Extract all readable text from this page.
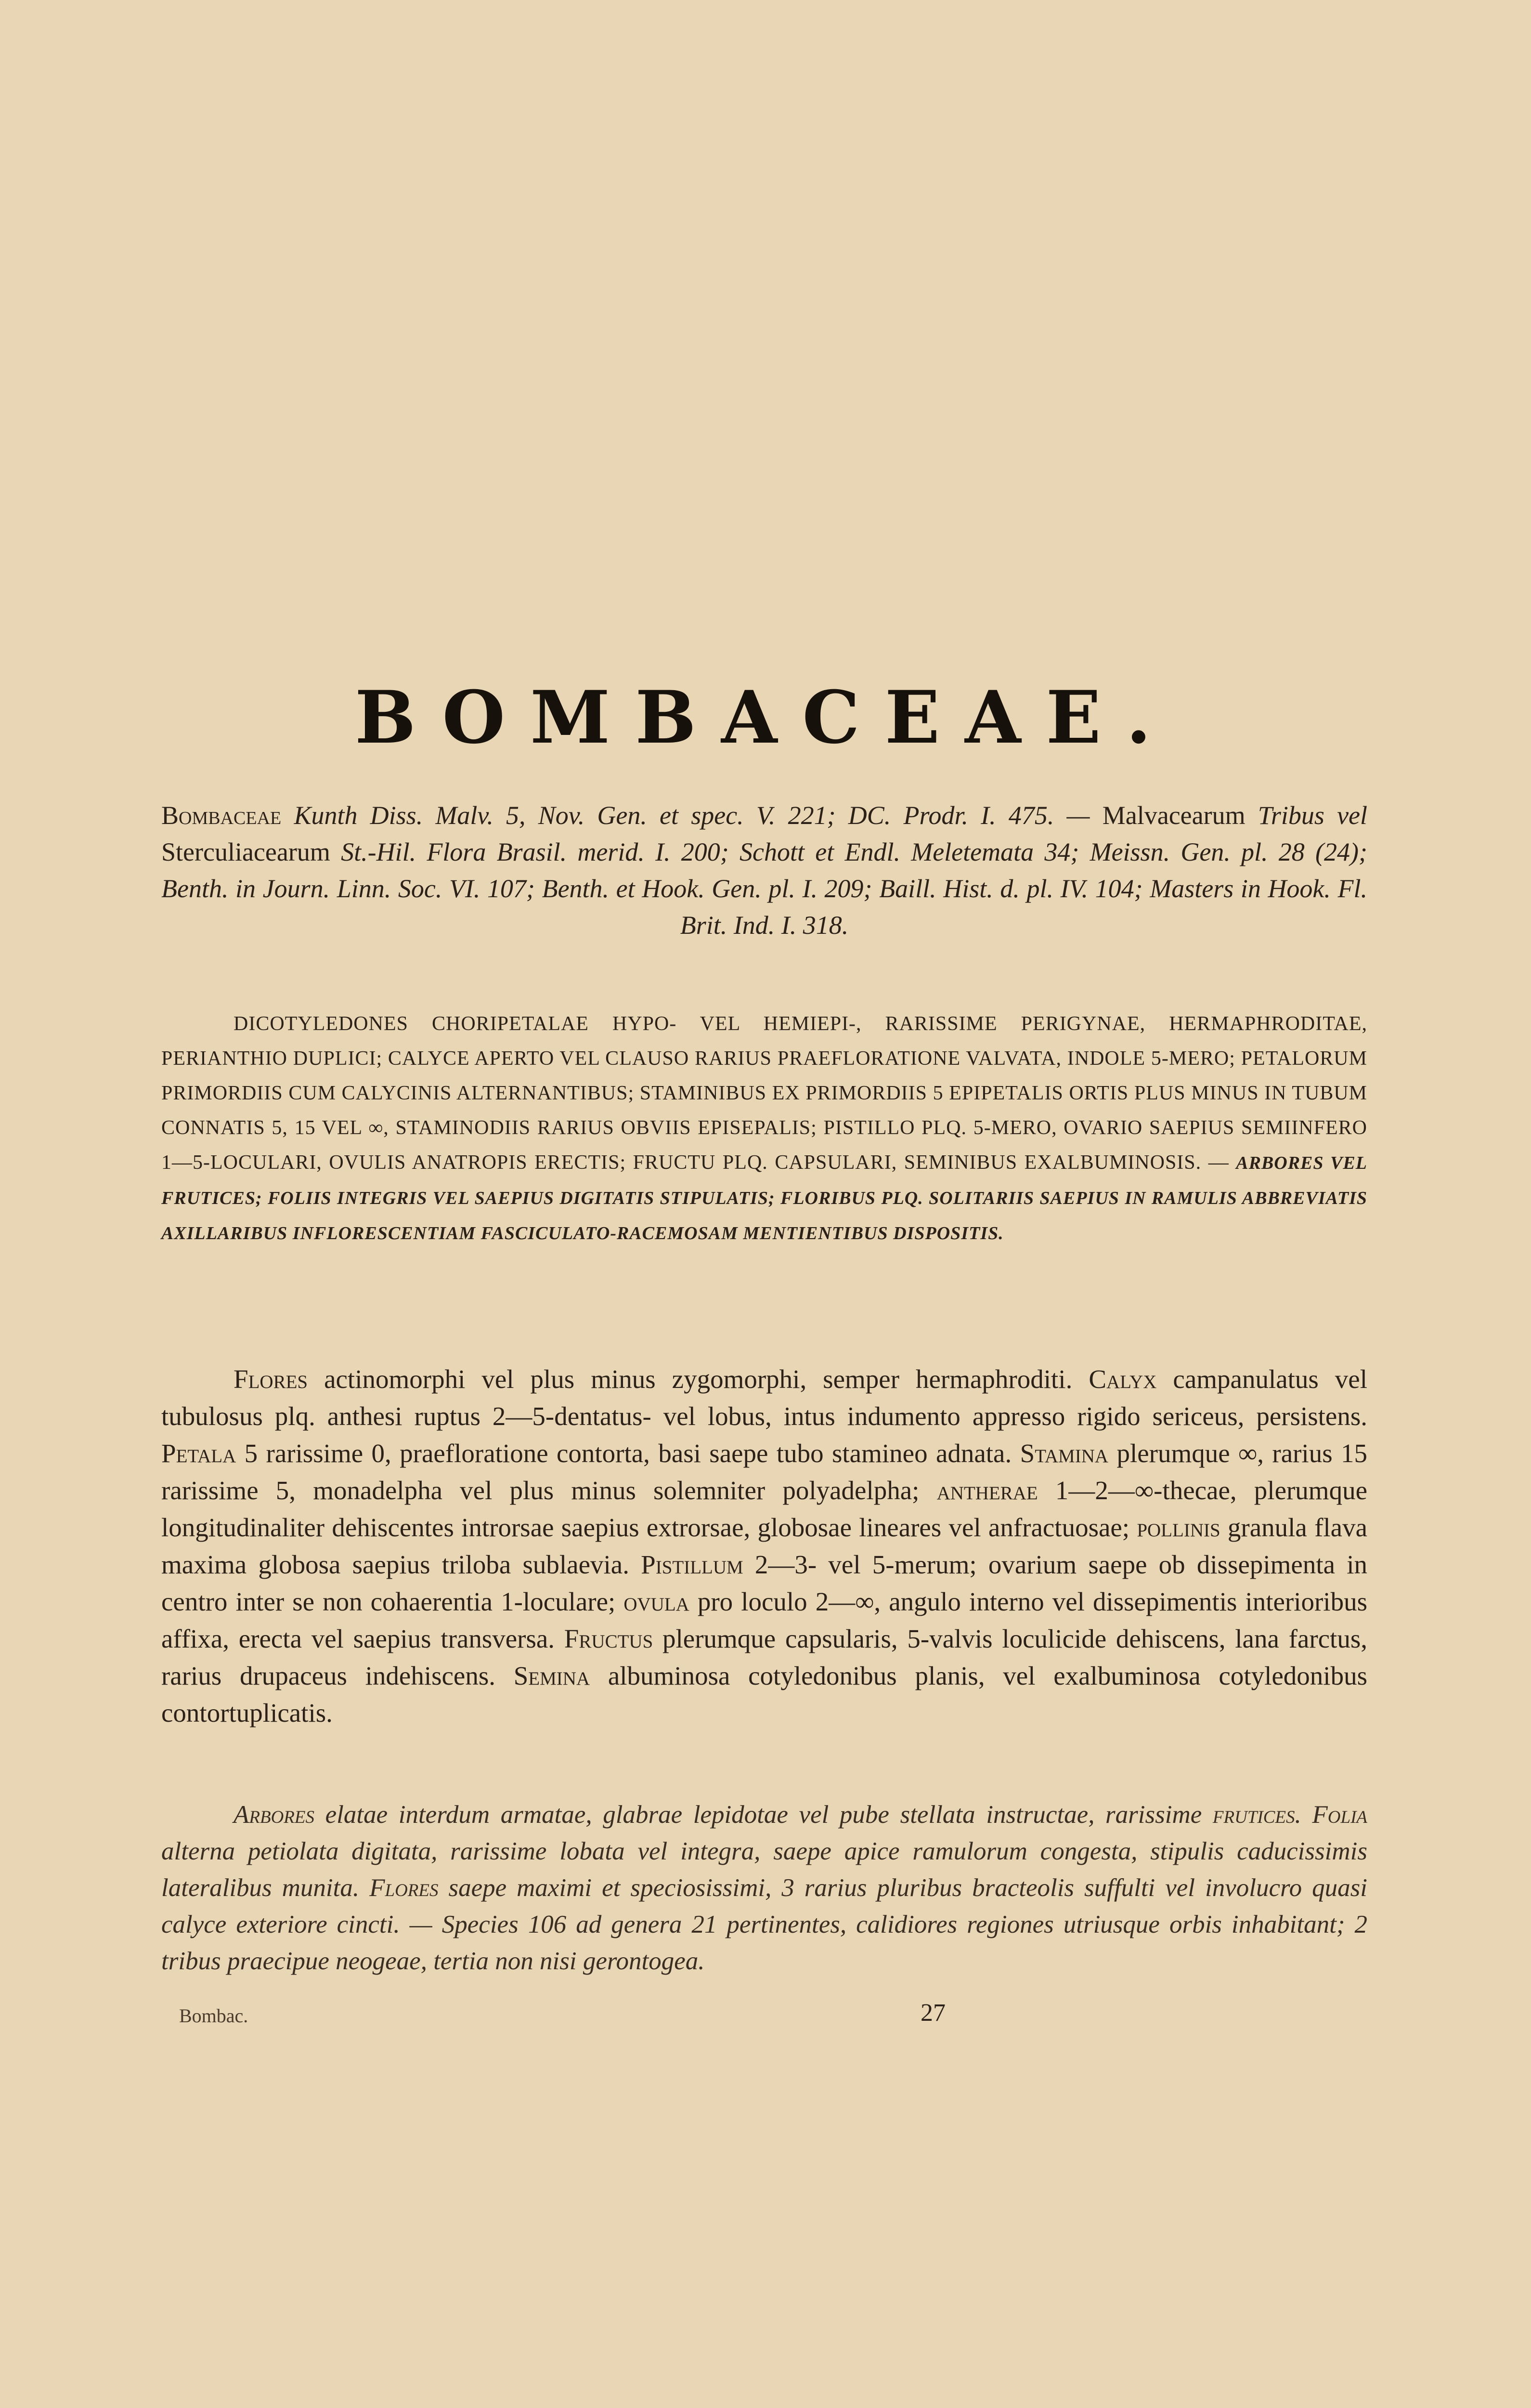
BOMBACEAE.
Bombaceae Kunth Diss. Malv. 5, Nov. Gen. et spec. V. 221; DC. Prodr. I. 475. — Malvacearum Tribus vel Sterculiacearum St.-Hil. Flora Brasil. merid. I. 200; Schott et Endl. Meletemata 34; Meissn. Gen. pl. 28 (24); Benth. in Journ. Linn. Soc. VI. 107; Benth. et Hook. Gen. pl. I. 209; Baill. Hist. d. pl. IV. 104; Masters in Hook. Fl. Brit. Ind. I. 318.

DICOTYLEDONES CHORIPETALAE HYPO- VEL HEMIEPI-, RARISSIME PERIGYNAE, HERMAPHRODITAE, PERIANTHIO DUPLICI; CALYCE APERTO VEL CLAUSO RARIUS PRAEFLORATIONE VALVATA, INDOLE 5-MERO; PETALORUM PRIMORDIIS CUM CALYCINIS ALTERNANTIBUS; STAMINIBUS EX PRIMORDIIS 5 EPIPETALIS ORTIS PLUS MINUS IN TUBUM CONNATIS 5, 15 VEL ∞, STAMINODIIS RARIUS OBVIIS EPISEPALIS; PISTILLO PLQ. 5-MERO, OVARIO SAEPIUS SEMIINFERO 1—5-LOCULARI, OVULIS ANATROPIS ERECTIS; FRUCTU PLQ. CAPSULARI, SEMINIBUS EXALBUMINOSIS. — ARBORES VEL FRUTICES; FOLIIS INTEGRIS VEL SAEPIUS DIGITATIS STIPULATIS; FLORIBUS PLQ. SOLITARIIS SAEPIUS IN RAMULIS ABBREVIATIS AXILLARIBUS INFLORESCENTIAM FASCICULATO-RACEMOSAM MENTIENTIBUS DISPOSITIS.

Flores actinomorphi vel plus minus zygomorphi, semper hermaphroditi. Calyx campanulatus vel tubulosus plq. anthesi ruptus 2—5-dentatus- vel lobus, intus indumento appresso rigido sericeus, persistens. Petala 5 rarissime 0, praefloratione contorta, basi saepe tubo stamineo adnata. Stamina plerumque ∞, rarius 15 rarissime 5, monadelpha vel plus minus solemniter polyadelpha; antherae 1—2—∞-thecae, plerumque longitudinaliter dehiscentes introrsae saepius extrorsae, globosae lineares vel anfractuosae; pollinis granula flava maxima globosa saepius triloba sublaevia. Pistillum 2—3- vel 5-merum; ovarium saepe ob dissepimenta in centro inter se non cohaerentia 1-loculare; ovula pro loculo 2—∞, angulo interno vel dissepimentis interioribus affixa, erecta vel saepius transversa. Fructus plerumque capsularis, 5-valvis loculicide dehiscens, lana farctus, rarius drupaceus indehiscens. Semina albuminosa cotyledonibus planis, vel exalbuminosa cotyledonibus contortuplicatis.

Arbores elatae interdum armatae, glabrae lepidotae vel pube stellata instructae, rarissime frutices. Folia alterna petiolata digitata, rarissime lobata vel integra, saepe apice ramulorum congesta, stipulis caducissimis lateralibus munita. Flores saepe maximi et speciosissimi, 3 rarius pluribus bracteolis suffulti vel involucro quasi calyce exteriore cincti. — Species 106 ad genera 21 pertinentes, calidiores regiones utriusque orbis inhabitant; 2 tribus praecipue neogeae, tertia non nisi gerontogea.

Bombac.	27
